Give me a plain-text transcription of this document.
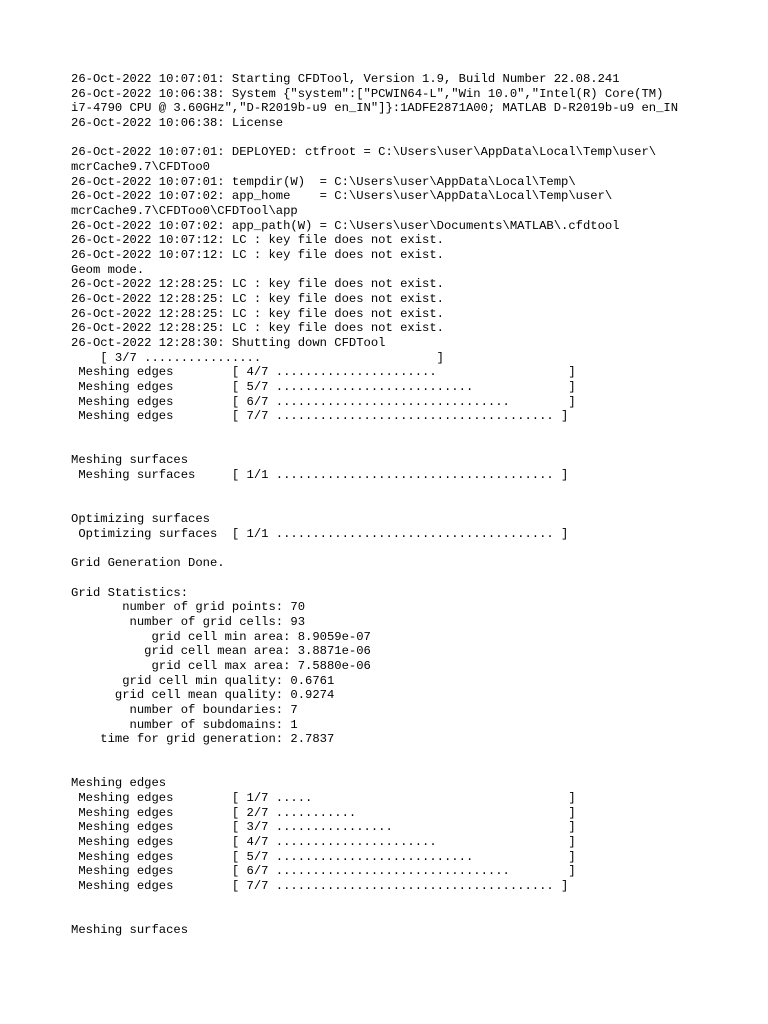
26-Oct-2022 10:07:01: Starting CFDTool, Version 1.9, Build Number 22.08.241
26-Oct-2022 10:06:38: System {"system":["PCWIN64-L","Win 10.0","Intel(R) Core(TM)
i7-4790 CPU @ 3.60GHz","D-R2019b-u9 en_IN"]}:1ADFE2871A00; MATLAB D-R2019b-u9 en_IN
26-Oct-2022 10:06:38: License

26-Oct-2022 10:07:01: DEPLOYED: ctfroot = C:\Users\user\AppData\Local\Temp\user\
mcrCache9.7\CFDToo0
26-Oct-2022 10:07:01: tempdir(W)  = C:\Users\user\AppData\Local\Temp\
26-Oct-2022 10:07:02: app_home    = C:\Users\user\AppData\Local\Temp\user\
mcrCache9.7\CFDToo0\CFDTool\app
26-Oct-2022 10:07:02: app_path(W) = C:\Users\user\Documents\MATLAB\.cfdtool
26-Oct-2022 10:07:12: LC : key file does not exist.
26-Oct-2022 10:07:12: LC : key file does not exist.
Geom mode.
26-Oct-2022 12:28:25: LC : key file does not exist.
26-Oct-2022 12:28:25: LC : key file does not exist.
26-Oct-2022 12:28:25: LC : key file does not exist.
26-Oct-2022 12:28:25: LC : key file does not exist.
26-Oct-2022 12:28:30: Shutting down CFDTool
[ 3/7 ................                        ]
Meshing edges        [ 4/7 ......................                  ]
Meshing edges        [ 5/7 ...........................             ]
Meshing edges        [ 6/7 ................................        ]
Meshing edges        [ 7/7 ...................................... ]

Meshing surfaces
Meshing surfaces     [ 1/1 ...................................... ]

Optimizing surfaces
Optimizing surfaces  [ 1/1 ...................................... ]

Grid Generation Done.

Grid Statistics:
number of grid points: 70
number of grid cells: 93
grid cell min area: 8.9059e-07
grid cell mean area: 3.8871e-06
grid cell max area: 7.5880e-06
grid cell min quality: 0.6761
grid cell mean quality: 0.9274
number of boundaries: 7
number of subdomains: 1
time for grid generation: 2.7837

Meshing edges
Meshing edges        [ 1/7 .....                                   ]
Meshing edges        [ 2/7 ...........                             ]
Meshing edges        [ 3/7 ................                        ]
Meshing edges        [ 4/7 ......................                  ]
Meshing edges        [ 5/7 ...........................             ]
Meshing edges        [ 6/7 ................................        ]
Meshing edges        [ 7/7 ...................................... ]

Meshing surfaces
